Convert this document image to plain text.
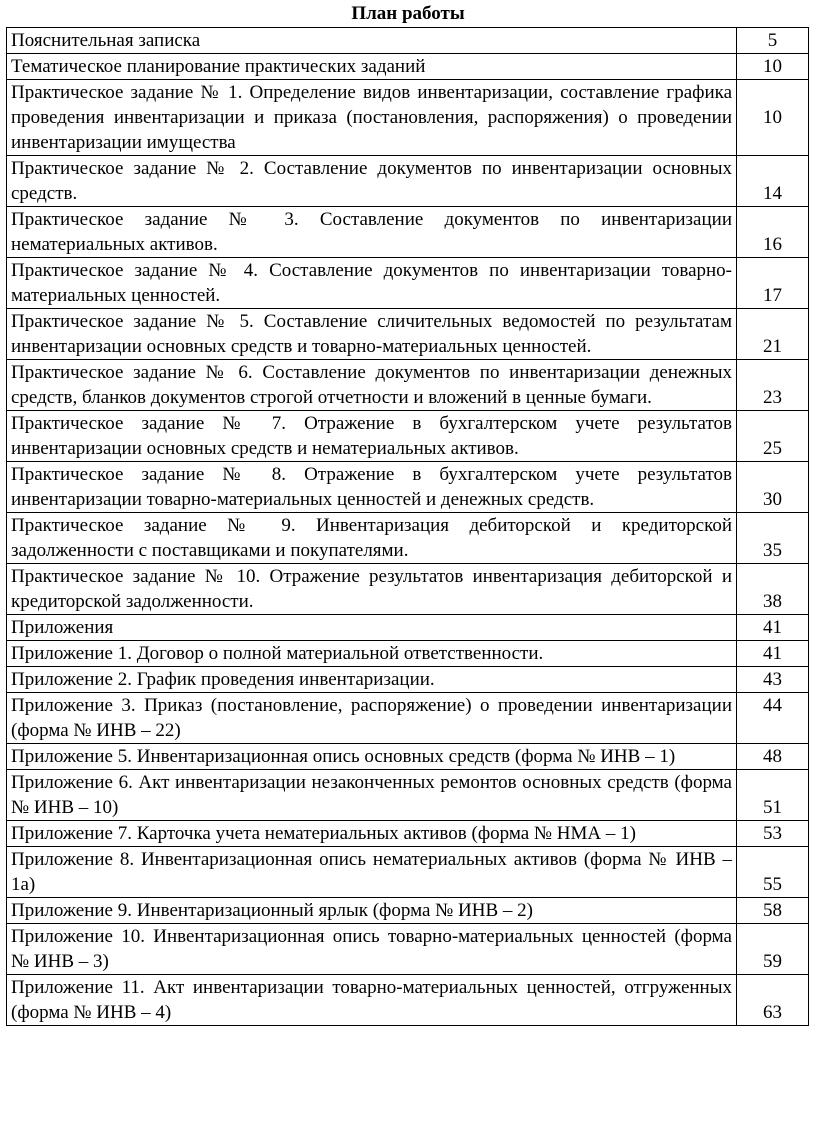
План работы
Пояснительная записка	5
Тематическое планирование практических заданий	10
Практическое задание № 1. Определение видов инвентаризации, составление графика проведения инвентаризации и приказа (постановления, распоряжения) о проведении инвентаризации имущества	10
Практическое задание № 2. Составление документов по инвентаризации основных средств.	14
Практическое задание № 3. Составление документов по инвентаризации нематериальных активов.	16
Практическое задание № 4. Составление документов по инвентаризации товарно-материальных ценностей.	17
Практическое задание № 5. Составление сличительных ведомостей по результатам инвентаризации основных средств и товарно-материальных ценностей.	21
Практическое задание № 6. Составление документов по инвентаризации денежных средств, бланков документов строгой отчетности и вложений в ценные бумаги.	23
Практическое задание № 7. Отражение в бухгалтерском учете результатов инвентаризации основных средств и нематериальных активов.	25
Практическое задание № 8. Отражение в бухгалтерском учете результатов инвентаризации товарно-материальных ценностей и денежных средств.	30
Практическое задание № 9. Инвентаризация дебиторской и кредиторской задолженности с поставщиками и покупателями.	35
Практическое задание № 10. Отражение результатов инвентаризация дебиторской и кредиторской задолженности.	38
Приложения	41
Приложение 1. Договор о полной материальной ответственности.	41
Приложение 2. График проведения инвентаризации.	43
Приложение 3. Приказ (постановление, распоряжение) о проведении инвентаризации (форма № ИНВ – 22)	44
Приложение 5. Инвентаризационная опись основных средств (форма № ИНВ – 1)	48
Приложение 6. Акт инвентаризации незаконченных ремонтов основных средств (форма № ИНВ – 10)	51
Приложение 7. Карточка учета нематериальных активов (форма № НМА – 1)	53
Приложение 8. Инвентаризационная опись нематериальных активов (форма № ИНВ – 1а)	55
Приложение 9. Инвентаризационный ярлык (форма № ИНВ – 2)	58
Приложение 10. Инвентаризационная опись товарно-материальных ценностей (форма № ИНВ – 3)	59
Приложение 11. Акт инвентаризации товарно-материальных ценностей, отгруженных (форма № ИНВ – 4)	63
